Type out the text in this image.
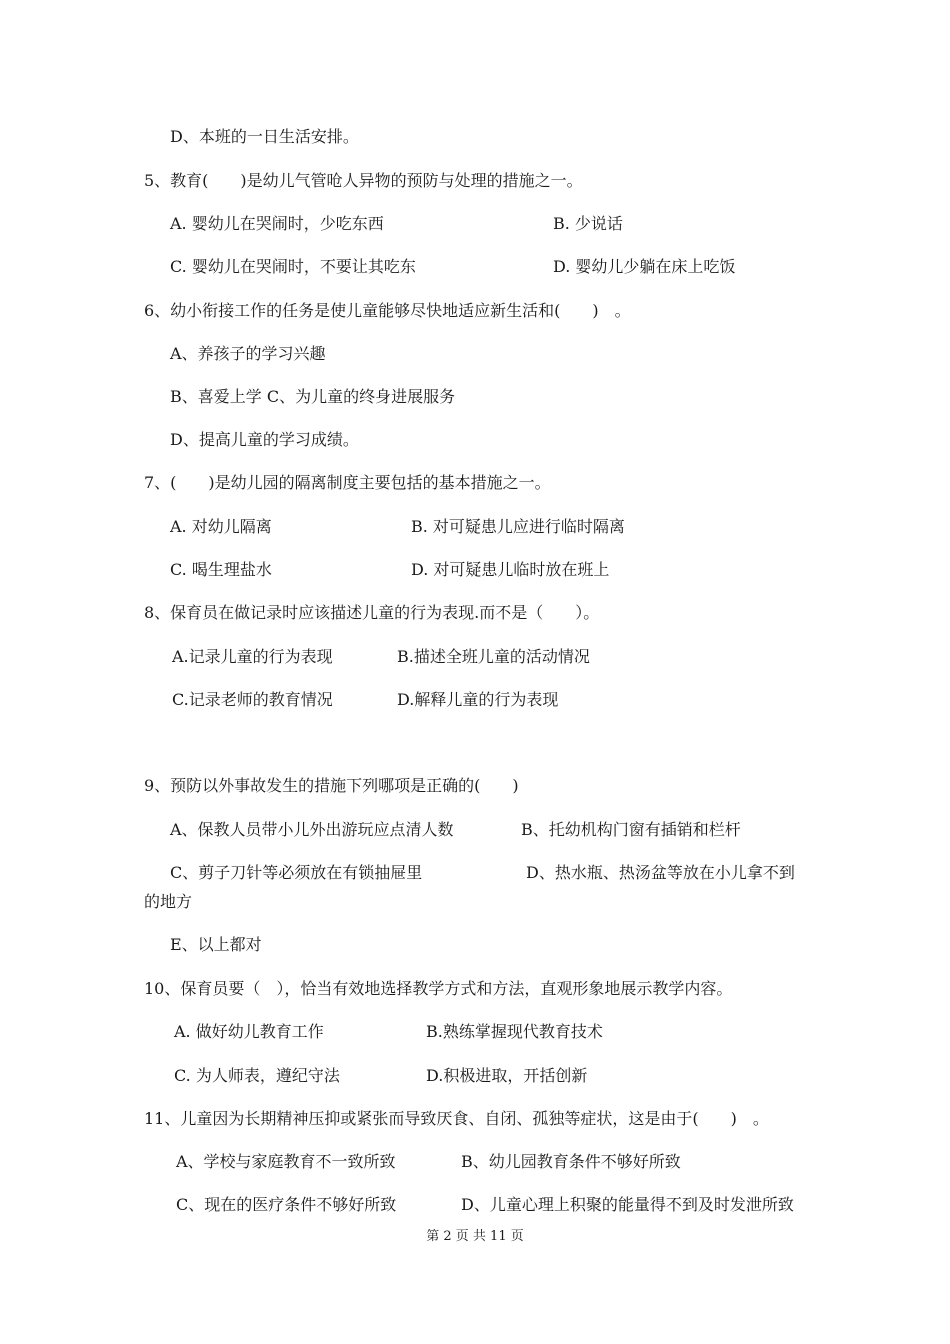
D、本班的一日生活安排。
5、教育(　　)是幼儿气管呛人异物的预防与处理的措施之一。
A. 婴幼儿在哭闹时，少吃东西	B. 少说话
C. 婴幼儿在哭闹时，不要让其吃东	D. 婴幼儿少躺在床上吃饭
6、幼小衔接工作的任务是使儿童能够尽快地适应新生活和(　　)　。
A、养孩子的学习兴趣
B、喜爱上学 C、为儿童的终身进展服务
D、提高儿童的学习成绩。
7、(　　)是幼儿园的隔离制度主要包括的基本措施之一。
A. 对幼儿隔离	B. 对可疑患儿应进行临时隔离
C. 喝生理盐水	D. 对可疑患儿临时放在班上
8、保育员在做记录时应该描述儿童的行为表现.而不是（　　）。
A.记录儿童的行为表现	B.描述全班儿童的活动情况
C.记录老师的教育情况	D.解释儿童的行为表现
9、预防以外事故发生的措施下列哪项是正确的(　　)
A、保教人员带小儿外出游玩应点清人数	B、托幼机构门窗有插销和栏杆
C、剪子刀针等必须放在有锁抽屉里	D、热水瓶、热汤盆等放在小儿拿不到
的地方
E、以上都对
10、保育员要（　），恰当有效地选择教学方式和方法，直观形象地展示教学内容。
A. 做好幼儿教育工作	B.熟练掌握现代教育技术
C. 为人师表，遵纪守法	D.积极进取，开括创新
11、儿童因为长期精神压抑或紧张而导致厌食、自闭、孤独等症状，这是由于(　　)　。
A、学校与家庭教育不一致所致	B、幼儿园教育条件不够好所致
C、现在的医疗条件不够好所致	D、儿童心理上积聚的能量得不到及时发泄所致
第 2 页 共 11 页
